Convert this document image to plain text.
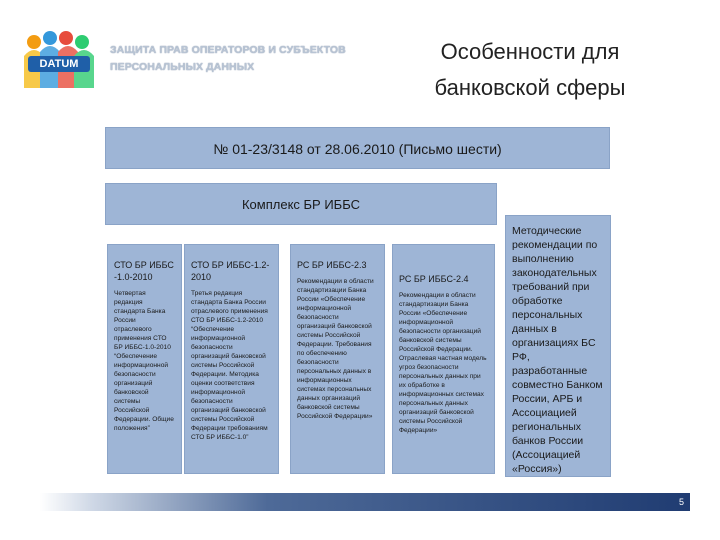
DATUM
ЗАЩИТА ПРАВ ОПЕРАТОРОВ И СУБЪЕКТОВ
ПЕРСОНАЛЬНЫХ ДАННЫХ
Особенности для
банковской сферы
№ 01-23/3148 от 28.06.2010 (Письмо шести)
Комплекс БР ИББС
СТО БР ИББС -1.0-2010
Четвертая редакция стандарта Банка России отраслевого применения СТО БР ИББС-1.0-2010 “Обеспечение информационной безопасности организаций банковской системы Российской Федерации. Общие положения”
СТО БР ИББС-1.2-2010
Третья редакция стандарта Банка России отраслевого применения СТО БР ИББС-1.2-2010 “Обеспечение информационной безопасности организаций банковской системы Российской Федерации. Методика оценки соответствия информационной безопасности организаций банковской системы Российской Федерации требованиям СТО БР ИББС-1.0”
РС БР ИББС-2.3
Рекомендации в области стандартизации Банка России «Обеспечение информационной безопасности организаций банковской системы Российской Федерации. Требования по обеспечению безопасности персональных данных в информационных системах персональных данных организаций банковской системы Российской Федерации»
РС БР ИББС-2.4
Рекомендации в области стандартизации Банка России «Обеспечение информационной безопасности организаций банковской системы Российской Федерации. Отраслевая частная модель угроз безопасности персональных данных при их обработке в информационных системах персональных данных организаций банковской системы Российской Федерации»
Методические рекомендации по выполнению законодательных требований при обработке персональных данных в организациях БС РФ, разработанные совместно Банком России, АРБ и Ассоциацией региональных банков России (Ассоциацией «Россия»)
5
